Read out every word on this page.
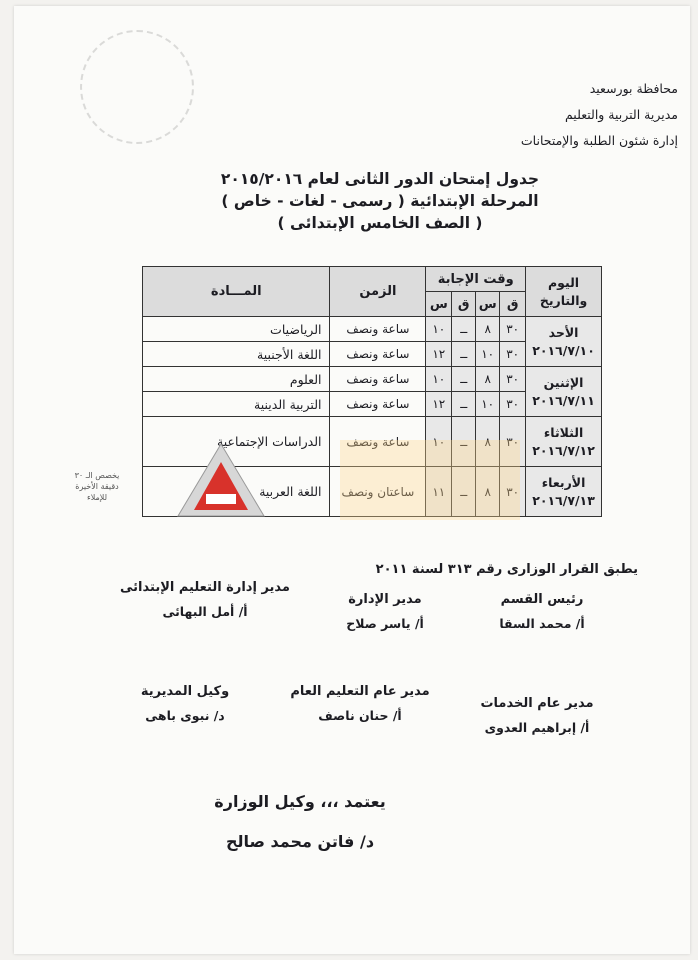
محافظة بورسعيد
مديرية التربية والتعليم
إدارة شئون الطلبة والإمتحانات
جدول إمتحان الدور الثانى لعام ٢٠١٥/٢٠١٦
المرحلة الإبتدائية ( رسمى - لغات - خاص )
( الصف الخامس الإبتدائى )
اليوم
والتاريخ	وقت الإجابة				الزمن	المـــادة
	ق	س	ق	س		

الأحد
٢٠١٦/٧/١٠	٣٠	٨	ــ	١٠	ساعة ونصف	الرياضيات
	٣٠	١٠	ــ	١٢	ساعة ونصف	اللغة الأجنبية

الإثنين
٢٠١٦/٧/١١	٣٠	٨	ــ	١٠	ساعة ونصف	العلوم
	٣٠	١٠	ــ	١٢	ساعة ونصف	التربية الدينية

الثلاثاء
٢٠١٦/٧/١٢	٣٠	٨	ــ	١٠	ساعة ونصف	الدراسات الإجتماعية

الأربعاء
٢٠١٦/٧/١٣	٣٠	٨	ــ	١١	ساعتان ونصف	اللغة العربية
يخصص الـ ٣٠
دقيقة الأخيرة
للإملاء
يطبق القرار الوزارى رقم ٣١٣ لسنة ٢٠١١
رئيس القسم
أ/ محمد السقا
مدير الإدارة
أ/ ياسر صلاح
مدير إدارة التعليم الإبتدائى
أ/ أمل البهائى
مدير عام الخدمات
أ/ إبراهيم العدوى
مدير عام التعليم العام
أ/ حنان ناصف
وكيل المديرية
د/ نبوى باهى
يعتمد ،،، وكيل الوزارة
د/ فاتن محمد صالح
